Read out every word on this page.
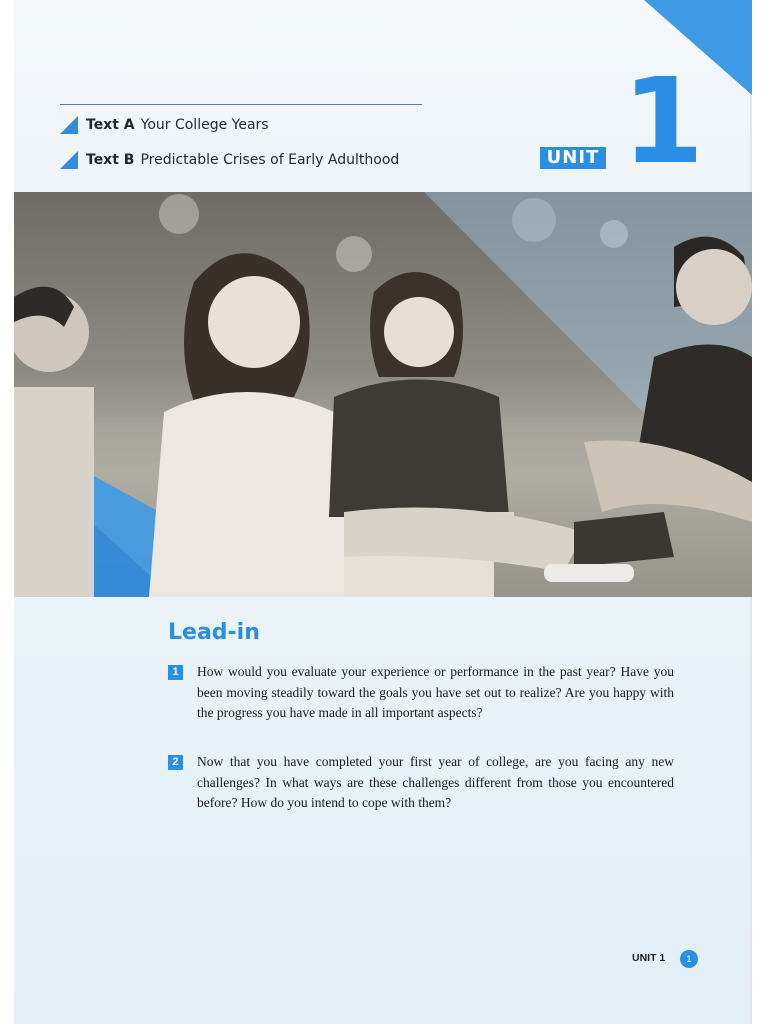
Text A Your College Years
Text B Predictable Crises of Early Adulthood	UNIT 1
Lead-in
1	How would you evaluate your experience or performance in the past year? Have you been moving steadily toward the goals you have set out to realize? Are you happy with the progress you have made in all important aspects?
2	Now that you have completed your first year of college, are you facing any new challenges? In what ways are these challenges different from those you encountered before? How do you intend to cope with them?
UNIT 1	1
